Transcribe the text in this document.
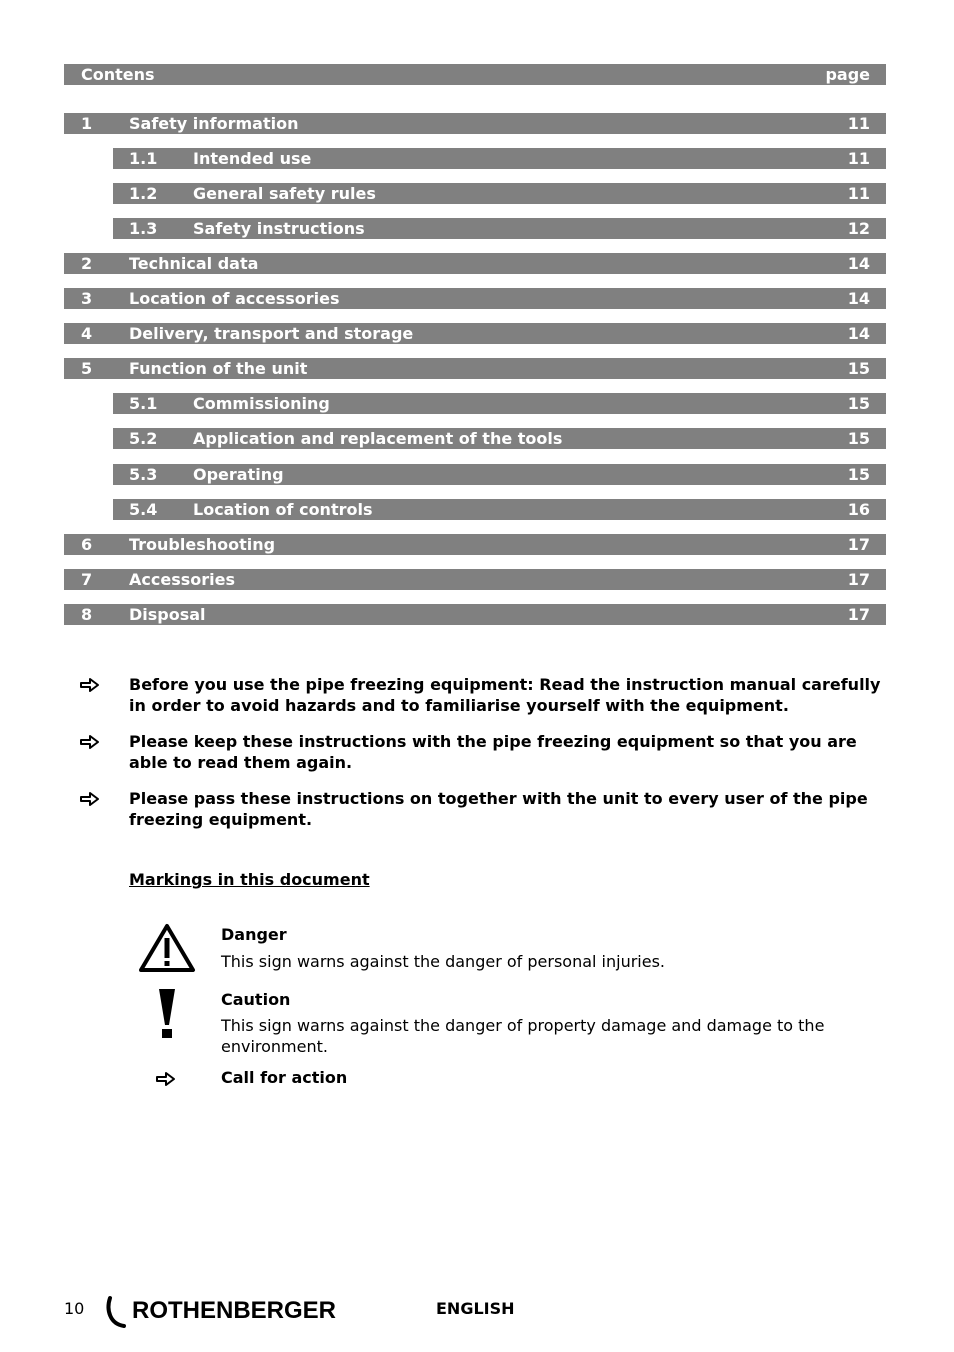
Contens	page
1 Safety information	11
1.1 Intended use	11
1.2 General safety rules	11
1.3 Safety instructions	12
2 Technical data	14
3 Location of accessories	14
4 Delivery, transport and storage	14
5 Function of the unit	15
5.1 Commissioning	15
5.2 Application and replacement of the tools	15
5.3 Operating	15
5.4 Location of controls	16
6 Troubleshooting	17
7 Accessories	17
8 Disposal	17
Before you use the pipe freezing equipment: Read the instruction manual carefully in order to avoid hazards and to familiarise yourself with the equipment.
Please keep these instructions with the pipe freezing equipment so that you are able to read them again.
Please pass these instructions on together with the unit to every user of the pipe freezing equipment.
Markings in this document
Danger
This sign warns against the danger of personal injuries.
Caution
This sign warns against the danger of property damage and damage to the environment.
Call for action
10 ROTHENBERGER	ENGLISH
